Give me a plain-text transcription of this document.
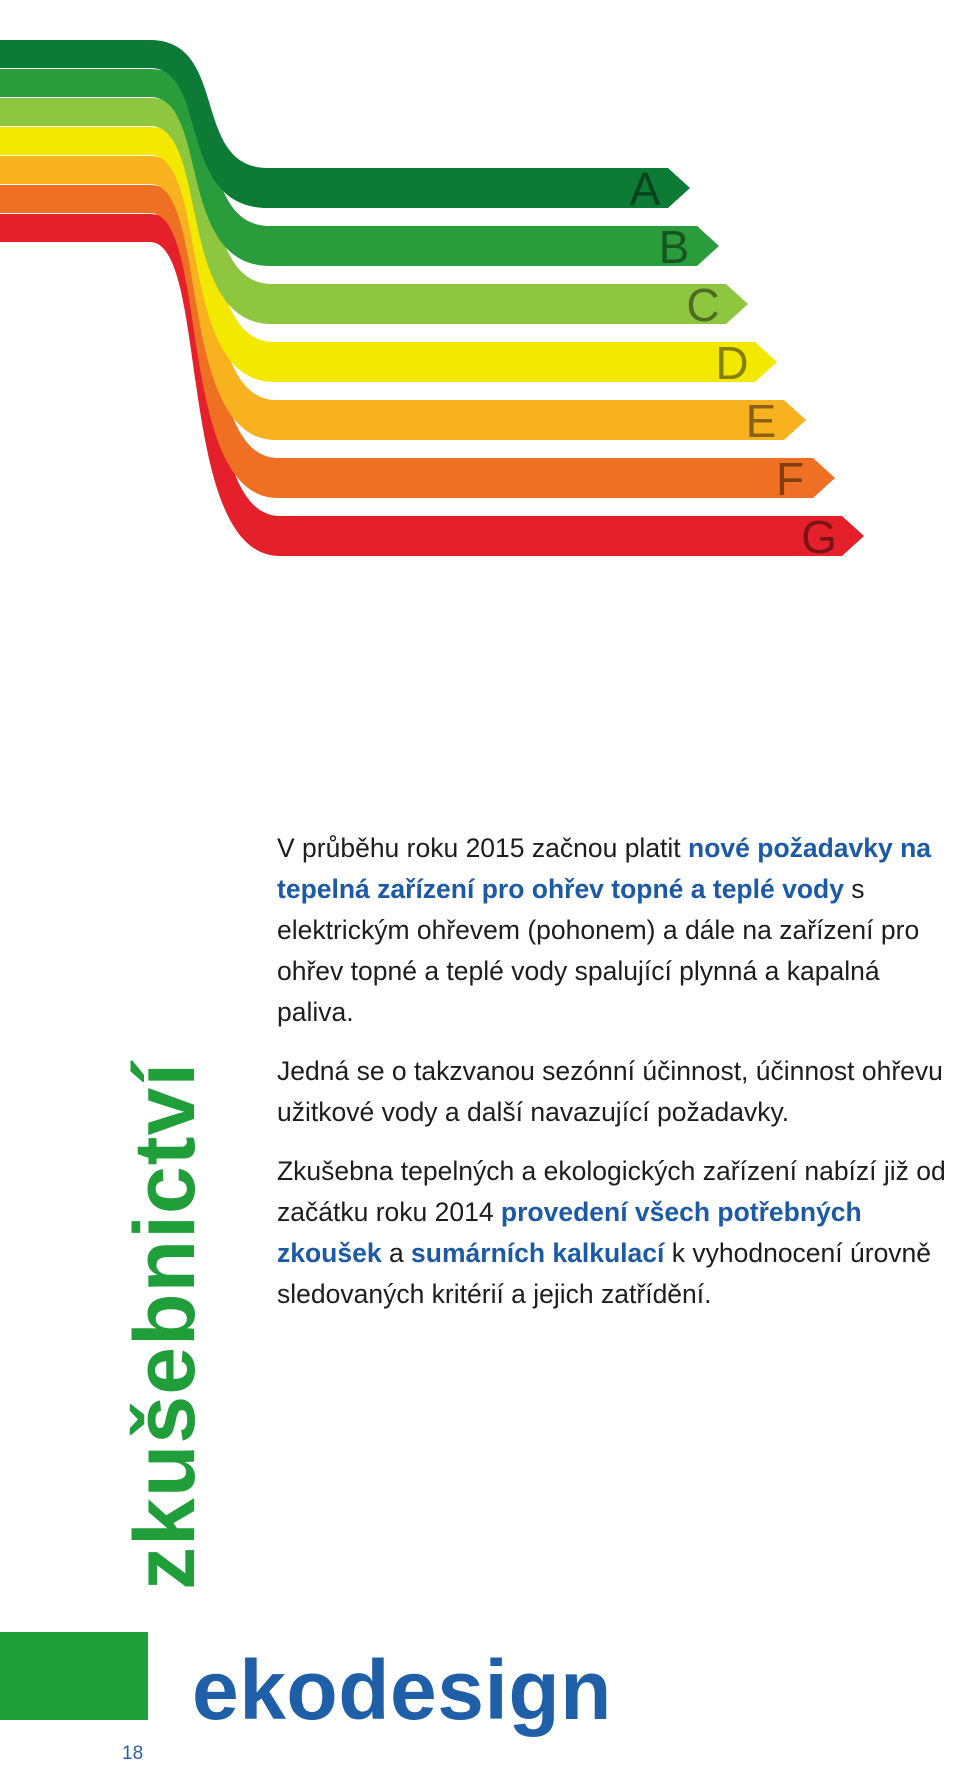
G
F
E
D
C
B
A
zkušebnictví
18
ekodesign

V průběhu roku 2015 začnou platit nové požadavky na tepelná zařízení pro ohřev topné a teplé vody s elektrickým ohřevem (pohonem) a dále na zařízení pro ohřev topné a teplé vody spalující plynná a kapalná paliva.

Jedná se o takzvanou sezónní účinnost, účinnost ohřevu užitkové vody a další navazující požadavky.

Zkušebna tepelných a ekologických zařízení nabízí již od začátku roku 2014 provedení všech potřebných zkoušek a sumárních kalkulací k vyhodnocení úrovně sledovaných kritérií a jejich zatřídění.
